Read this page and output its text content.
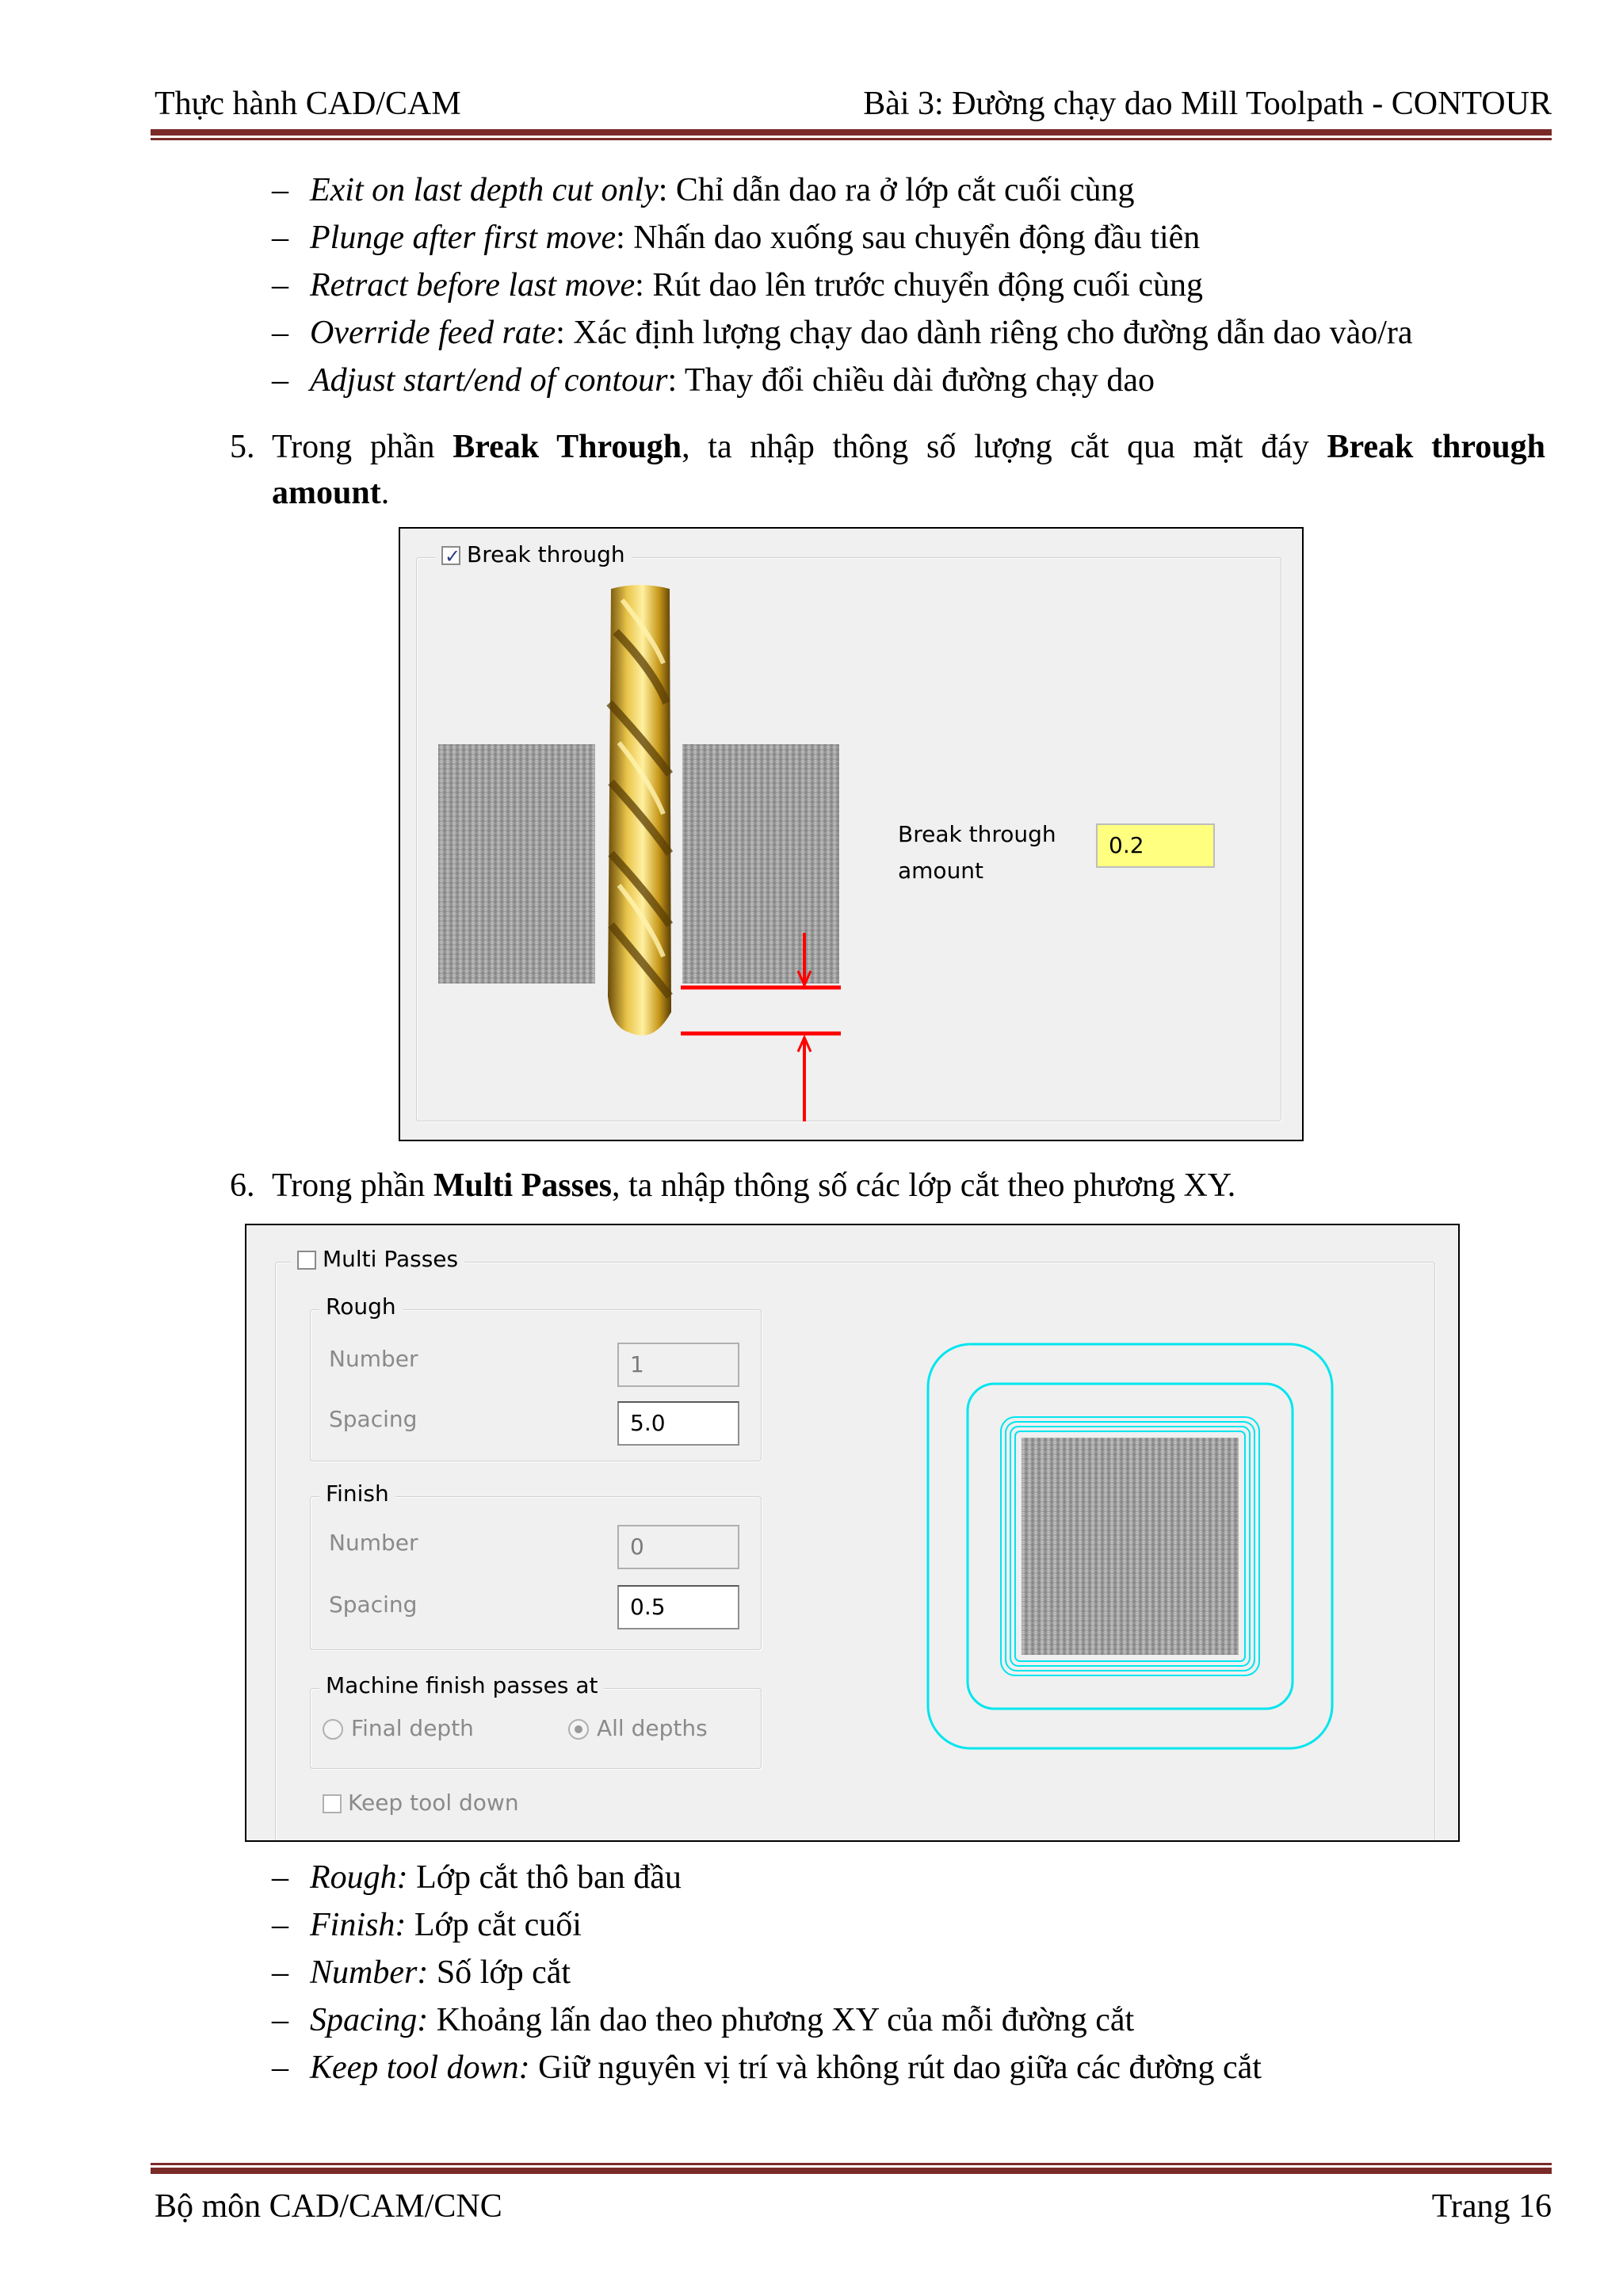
Thực hành CAD/CAM	Bài 3: Đường chạy dao Mill Toolpath - CONTOUR
– Exit on last depth cut only: Chỉ dẫn dao ra ở lớp cắt cuối cùng
– Plunge after first move: Nhấn dao xuống sau chuyển động đầu tiên
– Retract before last move: Rút dao lên trước chuyển động cuối cùng
– Override feed rate: Xác định lượng chạy dao dành riêng cho đường dẫn dao vào/ra
– Adjust start/end of contour: Thay đổi chiều dài đường chạy dao
5. Trong phần Break Through, ta nhập thông số lượng cắt qua mặt đáy Break through
amount.
✓Break through
Break through
amount
0.2
6. Trong phần Multi Passes, ta nhập thông số các lớp cắt theo phương XY.
Multi Passes
Rough
Number	1
Spacing	5.0
Finish
Number	0
Spacing	0.5
Machine finish passes at
Final depth	All depths
Keep tool down
– Rough: Lớp cắt thô ban đầu
– Finish: Lớp cắt cuối
– Number: Số lớp cắt
– Spacing: Khoảng lấn dao theo phương XY của mỗi đường cắt
– Keep tool down: Giữ nguyên vị trí và không rút dao giữa các đường cắt
Bộ môn CAD/CAM/CNC	Trang 16
